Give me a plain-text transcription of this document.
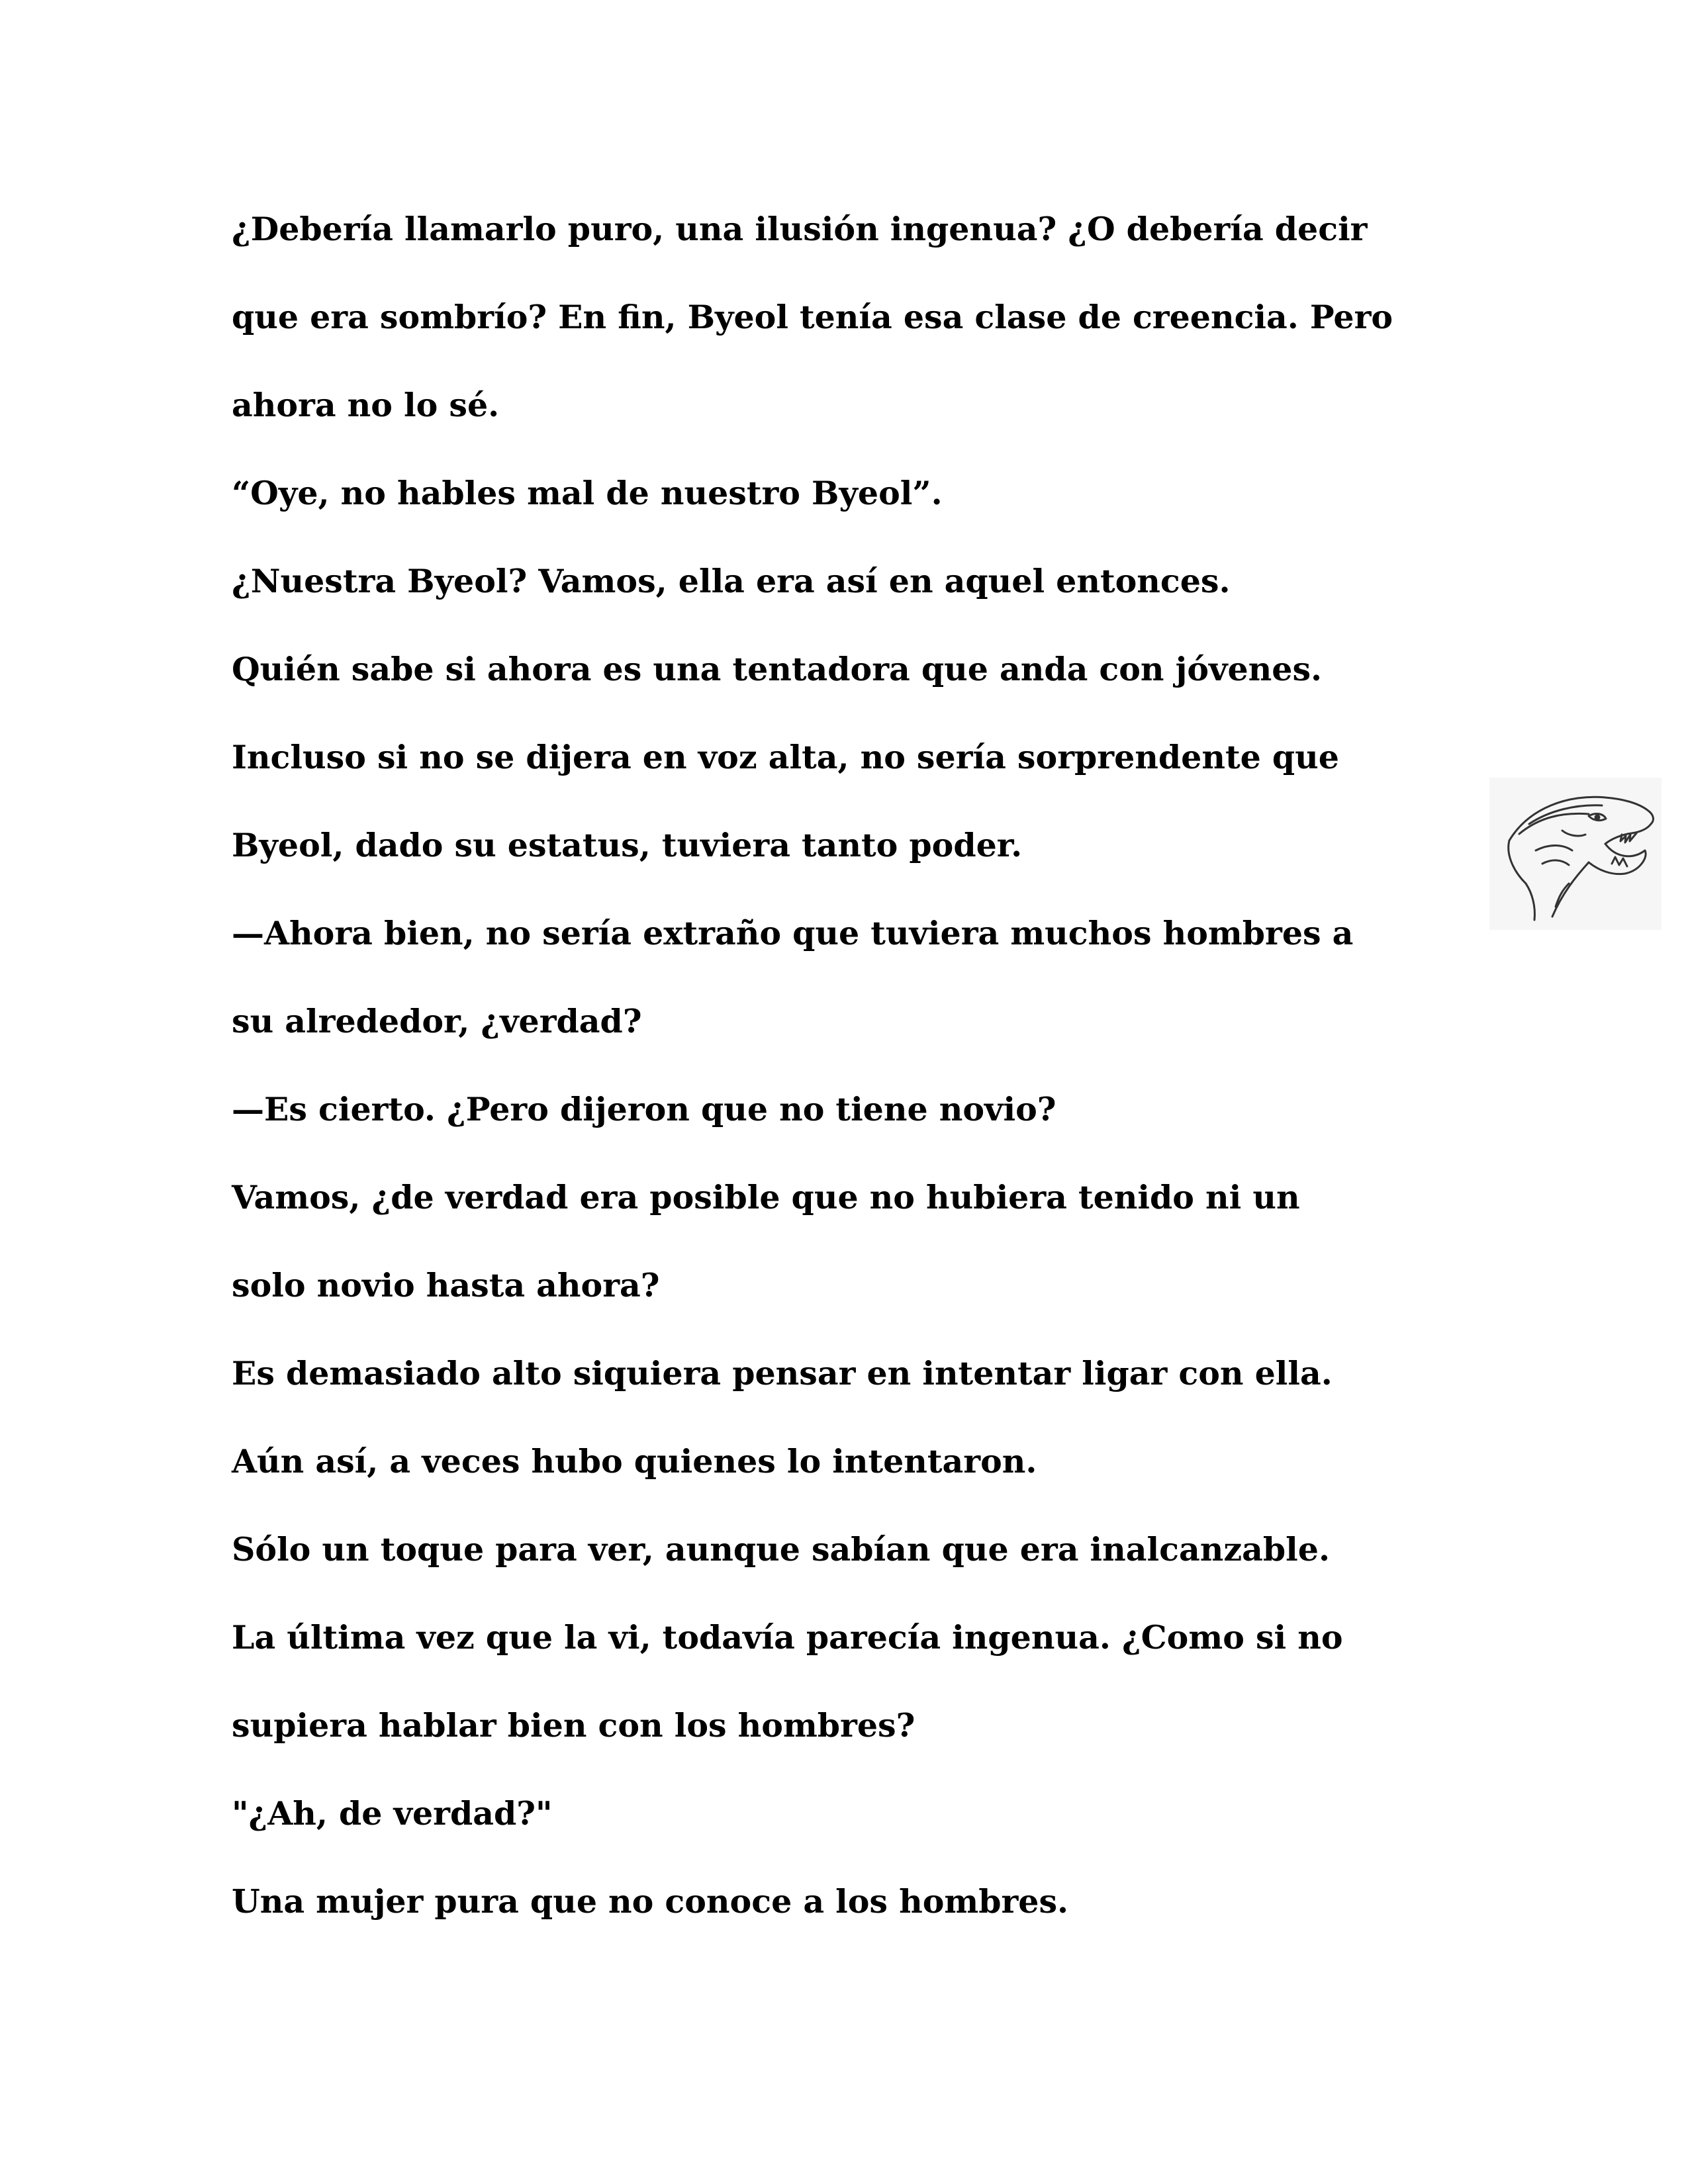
¿Debería llamarlo puro, una ilusión ingenua? ¿O debería decir
que era sombrío? En fin, Byeol tenía esa clase de creencia. Pero
ahora no lo sé.
“Oye, no hables mal de nuestro Byeol”.
¿Nuestra Byeol? Vamos, ella era así en aquel entonces.
Quién sabe si ahora es una tentadora que anda con jóvenes.
Incluso si no se dijera en voz alta, no sería sorprendente que
Byeol, dado su estatus, tuviera tanto poder.
—Ahora bien, no sería extraño que tuviera muchos hombres a
su alrededor, ¿verdad?
—Es cierto. ¿Pero dijeron que no tiene novio?
Vamos, ¿de verdad era posible que no hubiera tenido ni un
solo novio hasta ahora?
Es demasiado alto siquiera pensar en intentar ligar con ella.
Aún así, a veces hubo quienes lo intentaron.
Sólo un toque para ver, aunque sabían que era inalcanzable.
La última vez que la vi, todavía parecía ingenua. ¿Como si no
supiera hablar bien con los hombres?
"¿Ah, de verdad?"
Una mujer pura que no conoce a los hombres.
